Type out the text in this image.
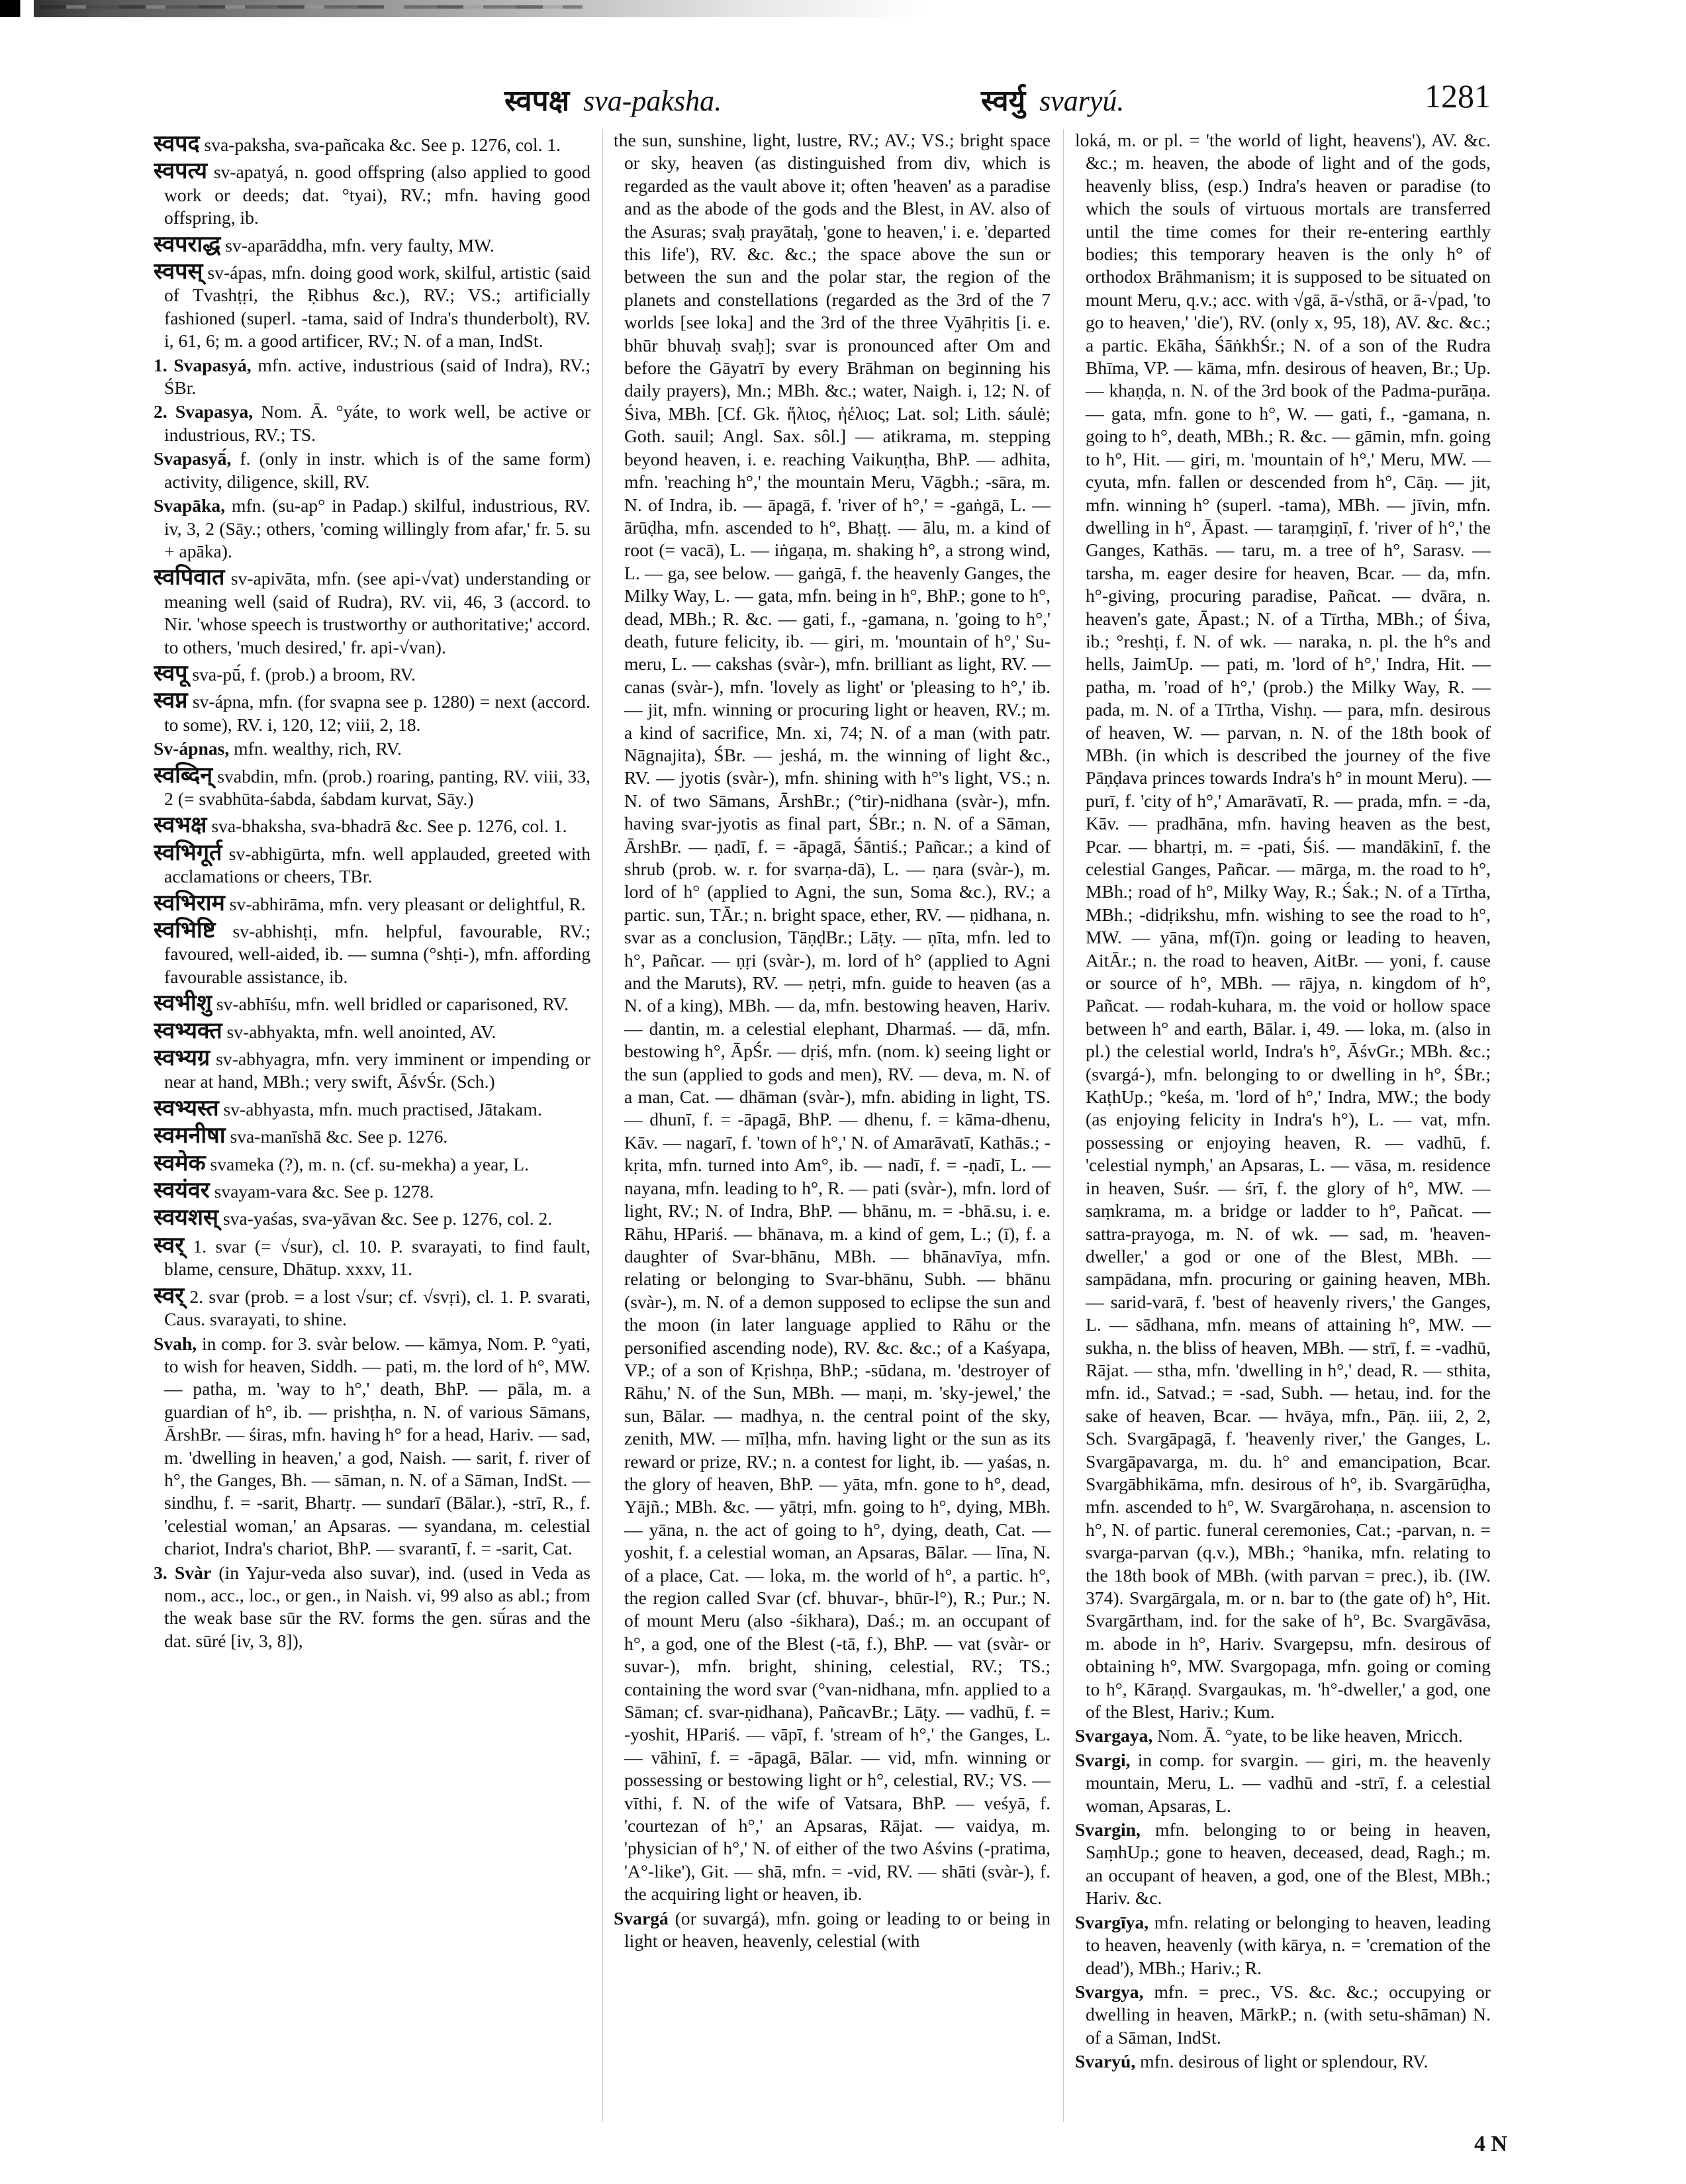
स्वपक्ष sva-paksha.	स्वर्यु svaryú.	1281

स्वपद sva-paksha, sva-pañcaka &c. See p. 1276, col. 1.

स्वपत्य sv-apatyá, n. good offspring (also applied to good work or deeds; dat. °tyai), RV.; mfn. having good offspring, ib.

स्वपराद्ध sv-aparāddha, mfn. very faulty, MW.

स्वपस् sv-ápas, mfn. doing good work, skilful, artistic (said of Tvashṭṛi, the Ṛibhus &c.), RV.; VS.; artificially fashioned (superl. -tama, said of Indra's thunderbolt), RV. i, 61, 6; m. a good artificer, RV.; N. of a man, IndSt.

1. Svapasyá, mfn. active, industrious (said of Indra), RV.; ŚBr.

2. Svapasya, Nom. Ā. °yáte, to work well, be active or industrious, RV.; TS.

Svapasyā́, f. (only in instr. which is of the same form) activity, diligence, skill, RV.

Svapāka, mfn. (su-ap° in Padap.) skilful, industrious, RV. iv, 3, 2 (Sāy.; others, 'coming willingly from afar,' fr. 5. su + apāka).

स्वपिवात sv-apivāta, mfn. (see api-√vat) understanding or meaning well (said of Rudra), RV. vii, 46, 3 (accord. to Nir. 'whose speech is trustworthy or authoritative;' accord. to others, 'much desired,' fr. api-√van).

स्वपू sva-pū́, f. (prob.) a broom, RV.

स्वप्न sv-ápna, mfn. (for svapna see p. 1280) = next (accord. to some), RV. i, 120, 12; viii, 2, 18.

Sv-ápnas, mfn. wealthy, rich, RV.

स्वब्दिन् svabdin, mfn. (prob.) roaring, panting, RV. viii, 33, 2 (= svabhūta-śabda, śabdam kurvat, Sāy.)

स्वभक्ष sva-bhaksha, sva-bhadrā &c. See p. 1276, col. 1.

स्वभिगूर्त sv-abhigūrta, mfn. well applauded, greeted with acclamations or cheers, TBr.

स्वभिराम sv-abhirāma, mfn. very pleasant or delightful, R.

स्वभिष्टि sv-abhishṭi, mfn. helpful, favourable, RV.; favoured, well-aided, ib. — sumna (°shṭi-), mfn. affording favourable assistance, ib.

स्वभीशु sv-abhīśu, mfn. well bridled or caparisoned, RV.

स्वभ्यक्त sv-abhyakta, mfn. well anointed, AV.

स्वभ्यग्र sv-abhyagra, mfn. very imminent or impending or near at hand, MBh.; very swift, ĀśvŚr. (Sch.)

स्वभ्यस्त sv-abhyasta, mfn. much practised, Jātakam.

स्वमनीषा sva-manīshā &c. See p. 1276.

स्वमेक svameka (?), m. n. (cf. su-mekha) a year, L.

स्वयंवर svayam-vara &c. See p. 1278.

स्वयशस् sva-yaśas, sva-yāvan &c. See p. 1276, col. 2.

स्वर् 1. svar (= √sur), cl. 10. P. svarayati, to find fault, blame, censure, Dhātup. xxxv, 11.

स्वर् 2. svar (prob. = a lost √sur; cf. √svṛi), cl. 1. P. svarati, Caus. svarayati, to shine.

Svah, in comp. for 3. svàr below. — kāmya, Nom. P. °yati, to wish for heaven, Siddh. — pati, m. the lord of h°, MW. — patha, m. 'way to h°,' death, BhP. — pāla, m. a guardian of h°, ib. — prishṭha, n. N. of various Sāmans, ĀrshBr. — śiras, mfn. having h° for a head, Hariv. — sad, m. 'dwelling in heaven,' a god, Naish. — sarit, f. river of h°, the Ganges, Bh. — sāman, n. N. of a Sāman, IndSt. — sindhu, f. = -sarit, Bhartṛ. — sundarī (Bālar.), -strī, R., f. 'celestial woman,' an Apsaras. — syandana, m. celestial chariot, Indra's chariot, BhP. — svarantī, f. = -sarit, Cat.

3. Svàr (in Yajur-veda also suvar), ind. (used in Veda as nom., acc., loc., or gen., in Naish. vi, 99 also as abl.; from the weak base sūr the RV. forms the gen. sū́ras and the dat. sūré [iv, 3, 8]),

the sun, sunshine, light, lustre, RV.; AV.; VS.; bright space or sky, heaven (as distinguished from div, which is regarded as the vault above it; often 'heaven' as a paradise and as the abode of the gods and the Blest, in AV. also of the Asuras; svaḥ prayātaḥ, 'gone to heaven,' i. e. 'departed this life'), RV. &c. &c.; the space above the sun or between the sun and the polar star, the region of the planets and constellations (regarded as the 3rd of the 7 worlds [see loka] and the 3rd of the three Vyāhṛitis [i. e. bhūr bhuvaḥ svaḥ]; svar is pronounced after Om and before the Gāyatrī by every Brāhman on beginning his daily prayers), Mn.; MBh. &c.; water, Naigh. i, 12; N. of Śiva, MBh. [Cf. Gk. ἥλιος, ἠέλιος; Lat. sol; Lith. sáulė; Goth. sauil; Angl. Sax. sôl.] — atikrama, m. stepping beyond heaven, i. e. reaching Vaikuṇṭha, BhP. — adhita, mfn. 'reaching h°,' the mountain Meru, Vāgbh.; -sāra, m. N. of Indra, ib. — āpagā, f. 'river of h°,' = -gaṅgā, L. — ārūḍha, mfn. ascended to h°, Bhaṭṭ. — ālu, m. a kind of root (= vacā), L. — iṅgaṇa, m. shaking h°, a strong wind, L. — ga, see below. — gaṅgā, f. the heavenly Ganges, the Milky Way, L. — gata, mfn. being in h°, BhP.; gone to h°, dead, MBh.; R. &c. — gati, f., -gamana, n. 'going to h°,' death, future felicity, ib. — giri, m. 'mountain of h°,' Su-meru, L. — cakshas (svàr-), mfn. brilliant as light, RV. — canas (svàr-), mfn. 'lovely as light' or 'pleasing to h°,' ib. — jit, mfn. winning or procuring light or heaven, RV.; m. a kind of sacrifice, Mn. xi, 74; N. of a man (with patr. Nāgnajita), ŚBr. — jeshá, m. the winning of light &c., RV. — jyotis (svàr-), mfn. shining with h°'s light, VS.; n. N. of two Sāmans, ĀrshBr.; (°tir)-nidhana (svàr-), mfn. having svar-jyotis as final part, ŚBr.; n. N. of a Sāman, ĀrshBr. — ṇadī, f. = -āpagā, Śāntiś.; Pañcar.; a kind of shrub (prob. w. r. for svarṇa-dā), L. — ṇara (svàr-), m. lord of h° (applied to Agni, the sun, Soma &c.), RV.; a partic. sun, TĀr.; n. bright space, ether, RV. — ṇidhana, n. svar as a conclusion, TāṇḍBr.; Lāṭy. — ṇīta, mfn. led to h°, Pañcar. — ṇṛi (svàr-), m. lord of h° (applied to Agni and the Maruts), RV. — ṇetṛi, mfn. guide to heaven (as a N. of a king), MBh. — da, mfn. bestowing heaven, Hariv. — dantin, m. a celestial elephant, Dharmaś. — dā, mfn. bestowing h°, ĀpŚr. — dṛiś, mfn. (nom. k) seeing light or the sun (applied to gods and men), RV. — deva, m. N. of a man, Cat. — dhāman (svàr-), mfn. abiding in light, TS. — dhunī, f. = -āpagā, BhP. — dhenu, f. = kāma-dhenu, Kāv. — nagarī, f. 'town of h°,' N. of Amarāvatī, Kathās.; -kṛita, mfn. turned into Am°, ib. — nadī, f. = -ṇadī, L. — nayana, mfn. leading to h°, R. — pati (svàr-), mfn. lord of light, RV.; N. of Indra, BhP. — bhānu, m. = -bhā.su, i. e. Rāhu, HPariś. — bhānava, m. a kind of gem, L.; (ī), f. a daughter of Svar-bhānu, MBh. — bhānavīya, mfn. relating or belonging to Svar-bhānu, Subh. — bhānu (svàr-), m. N. of a demon supposed to eclipse the sun and the moon (in later language applied to Rāhu or the personified ascending node), RV. &c. &c.; of a Kaśyapa, VP.; of a son of Kṛishṇa, BhP.; -sūdana, m. 'destroyer of Rāhu,' N. of the Sun, MBh. — maṇi, m. 'sky-jewel,' the sun, Bālar. — madhya, n. the central point of the sky, zenith, MW. — mīḷha, mfn. having light or the sun as its reward or prize, RV.; n. a contest for light, ib. — yaśas, n. the glory of heaven, BhP. — yāta, mfn. gone to h°, dead, Yājñ.; MBh. &c. — yātṛi, mfn. going to h°, dying, MBh. — yāna, n. the act of going to h°, dying, death, Cat. — yoshit, f. a celestial woman, an Apsaras, Bālar. — līna, N. of a place, Cat. — loka, m. the world of h°, a partic. h°, the region called Svar (cf. bhuvar-, bhūr-l°), R.; Pur.; N. of mount Meru (also -śikhara), Daś.; m. an occupant of h°, a god, one of the Blest (-tā, f.), BhP. — vat (svàr- or suvar-), mfn. bright, shining, celestial, RV.; TS.; containing the word svar (°van-nidhana, mfn. applied to a Sāman; cf. svar-ṇidhana), PañcavBr.; Lāṭy. — vadhū, f. = -yoshit, HPariś. — vāpī, f. 'stream of h°,' the Ganges, L. — vāhinī, f. = -āpagā, Bālar. — vid, mfn. winning or possessing or bestowing light or h°, celestial, RV.; VS. — vīthi, f. N. of the wife of Vatsara, BhP. — veśyā, f. 'courtezan of h°,' an Apsaras, Rājat. — vaidya, m. 'physician of h°,' N. of either of the two Aśvins (-pratima, 'A°-like'), Git. — shā, mfn. = -vid, RV. — shāti (svàr-), f. the acquiring light or heaven, ib.

Svargá (or suvargá), mfn. going or leading to or being in light or heaven, heavenly, celestial (with

loká, m. or pl. = 'the world of light, heavens'), AV. &c. &c.; m. heaven, the abode of light and of the gods, heavenly bliss, (esp.) Indra's heaven or paradise (to which the souls of virtuous mortals are transferred until the time comes for their re-entering earthly bodies; this temporary heaven is the only h° of orthodox Brāhmanism; it is supposed to be situated on mount Meru, q.v.; acc. with √gā, ā-√sthā, or ā-√pad, 'to go to heaven,' 'die'), RV. (only x, 95, 18), AV. &c. &c.; a partic. Ekāha, ŚāṅkhŚr.; N. of a son of the Rudra Bhīma, VP. — kāma, mfn. desirous of heaven, Br.; Up. — khaṇḍa, n. N. of the 3rd book of the Padma-purāṇa. — gata, mfn. gone to h°, W. — gati, f., -gamana, n. going to h°, death, MBh.; R. &c. — gāmin, mfn. going to h°, Hit. — giri, m. 'mountain of h°,' Meru, MW. — cyuta, mfn. fallen or descended from h°, Cāṇ. — jit, mfn. winning h° (superl. -tama), MBh. — jīvin, mfn. dwelling in h°, Āpast. — taraṃgiṇī, f. 'river of h°,' the Ganges, Kathās. — taru, m. a tree of h°, Sarasv. — tarsha, m. eager desire for heaven, Bcar. — da, mfn. h°-giving, procuring paradise, Pañcat. — dvāra, n. heaven's gate, Āpast.; N. of a Tīrtha, MBh.; of Śiva, ib.; °reshṭi, f. N. of wk. — naraka, n. pl. the h°s and hells, JaimUp. — pati, m. 'lord of h°,' Indra, Hit. — patha, m. 'road of h°,' (prob.) the Milky Way, R. — pada, m. N. of a Tīrtha, Vishṇ. — para, mfn. desirous of heaven, W. — parvan, n. N. of the 18th book of MBh. (in which is described the journey of the five Pāṇḍava princes towards Indra's h° in mount Meru). — purī, f. 'city of h°,' Amarāvatī, R. — prada, mfn. = -da, Kāv. — pradhāna, mfn. having heaven as the best, Pcar. — bhartṛi, m. = -pati, Śiś. — mandākinī, f. the celestial Ganges, Pañcar. — mārga, m. the road to h°, MBh.; road of h°, Milky Way, R.; Śak.; N. of a Tīrtha, MBh.; -didṛikshu, mfn. wishing to see the road to h°, MW. — yāna, mf(ī)n. going or leading to heaven, AitĀr.; n. the road to heaven, AitBr. — yoni, f. cause or source of h°, MBh. — rājya, n. kingdom of h°, Pañcat. — rodah-kuhara, m. the void or hollow space between h° and earth, Bālar. i, 49. — loka, m. (also in pl.) the celestial world, Indra's h°, ĀśvGr.; MBh. &c.; (svargá-), mfn. belonging to or dwelling in h°, ŚBr.; KaṭhUp.; °keśa, m. 'lord of h°,' Indra, MW.; the body (as enjoying felicity in Indra's h°), L. — vat, mfn. possessing or enjoying heaven, R. — vadhū, f. 'celestial nymph,' an Apsaras, L. — vāsa, m. residence in heaven, Suśr. — śrī, f. the glory of h°, MW. — saṃkrama, m. a bridge or ladder to h°, Pañcat. — sattra-prayoga, m. N. of wk. — sad, m. 'heaven-dweller,' a god or one of the Blest, MBh. — sampādana, mfn. procuring or gaining heaven, MBh. — sarid-varā, f. 'best of heavenly rivers,' the Ganges, L. — sādhana, mfn. means of attaining h°, MW. — sukha, n. the bliss of heaven, MBh. — strī, f. = -vadhū, Rājat. — stha, mfn. 'dwelling in h°,' dead, R. — sthita, mfn. id., Satvad.; = -sad, Subh. — hetau, ind. for the sake of heaven, Bcar. — hvāya, mfn., Pāṇ. iii, 2, 2, Sch. Svargāpagā, f. 'heavenly river,' the Ganges, L. Svargāpavarga, m. du. h° and emancipation, Bcar. Svargābhikāma, mfn. desirous of h°, ib. Svargārūḍha, mfn. ascended to h°, W. Svargārohaṇa, n. ascension to h°, N. of partic. funeral ceremonies, Cat.; -parvan, n. = svarga-parvan (q.v.), MBh.; °hanika, mfn. relating to the 18th book of MBh. (with parvan = prec.), ib. (IW. 374). Svargārgala, m. or n. bar to (the gate of) h°, Hit. Svargārtham, ind. for the sake of h°, Bc. Svargāvāsa, m. abode in h°, Hariv. Svargepsu, mfn. desirous of obtaining h°, MW. Svargopaga, mfn. going or coming to h°, Kāraṇḍ. Svargaukas, m. 'h°-dweller,' a god, one of the Blest, Hariv.; Kum.

Svargaya, Nom. Ā. °yate, to be like heaven, Mricch.

Svargi, in comp. for svargin. — giri, m. the heavenly mountain, Meru, L. — vadhū and -strī, f. a celestial woman, Apsaras, L.

Svargin, mfn. belonging to or being in heaven, SaṃhUp.; gone to heaven, deceased, dead, Ragh.; m. an occupant of heaven, a god, one of the Blest, MBh.; Hariv. &c.

Svargīya, mfn. relating or belonging to heaven, leading to heaven, heavenly (with kārya, n. = 'cremation of the dead'), MBh.; Hariv.; R.

Svargya, mfn. = prec., VS. &c. &c.; occupying or dwelling in heaven, MārkP.; n. (with setu-shāman) N. of a Sāman, IndSt.

Svaryú, mfn. desirous of light or splendour, RV.

4 N
